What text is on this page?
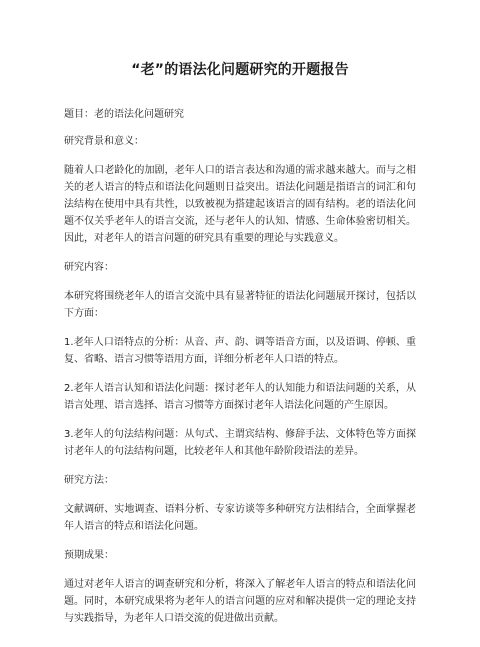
“老”的语法化问题研究的开题报告

题目：老的语法化问题研究

研究背景和意义：

随着人口老龄化的加剧，老年人口的语言表达和沟通的需求越来越大。而与之相关的老人语言的特点和语法化问题则日益突出。语法化问题是指语言的词汇和句法结构在使用中具有共性，以致被视为搭建起该语言的固有结构。老的语法化问题不仅关乎老年人的语言交流，还与老年人的认知、情感、生命体验密切相关。因此，对老年人的语言问题的研究具有重要的理论与实践意义。

研究内容：

本研究将围绕老年人的语言交流中具有显著特征的语法化问题展开探讨，包括以下方面：

1.老年人口语特点的分析：从音、声、韵、调等语音方面，以及语调、停顿、重复、省略、语言习惯等语用方面，详细分析老年人口语的特点。

2.老年人语言认知和语法化问题：探讨老年人的认知能力和语法问题的关系，从语言处理、语言选择、语言习惯等方面探讨老年人语法化问题的产生原因。

3.老年人的句法结构问题：从句式、主谓宾结构、修辞手法、文体特色等方面探讨老年人的句法结构问题，比较老年人和其他年龄阶段语法的差异。

研究方法：

文献调研、实地调查、语料分析、专家访谈等多种研究方法相结合，全面掌握老年人语言的特点和语法化问题。

预期成果：

通过对老年人语言的调查研究和分析，将深入了解老年人语言的特点和语法化问题。同时，本研究成果将为老年人的语言问题的应对和解决提供一定的理论支持与实践指导，为老年人口语交流的促进做出贡献。
